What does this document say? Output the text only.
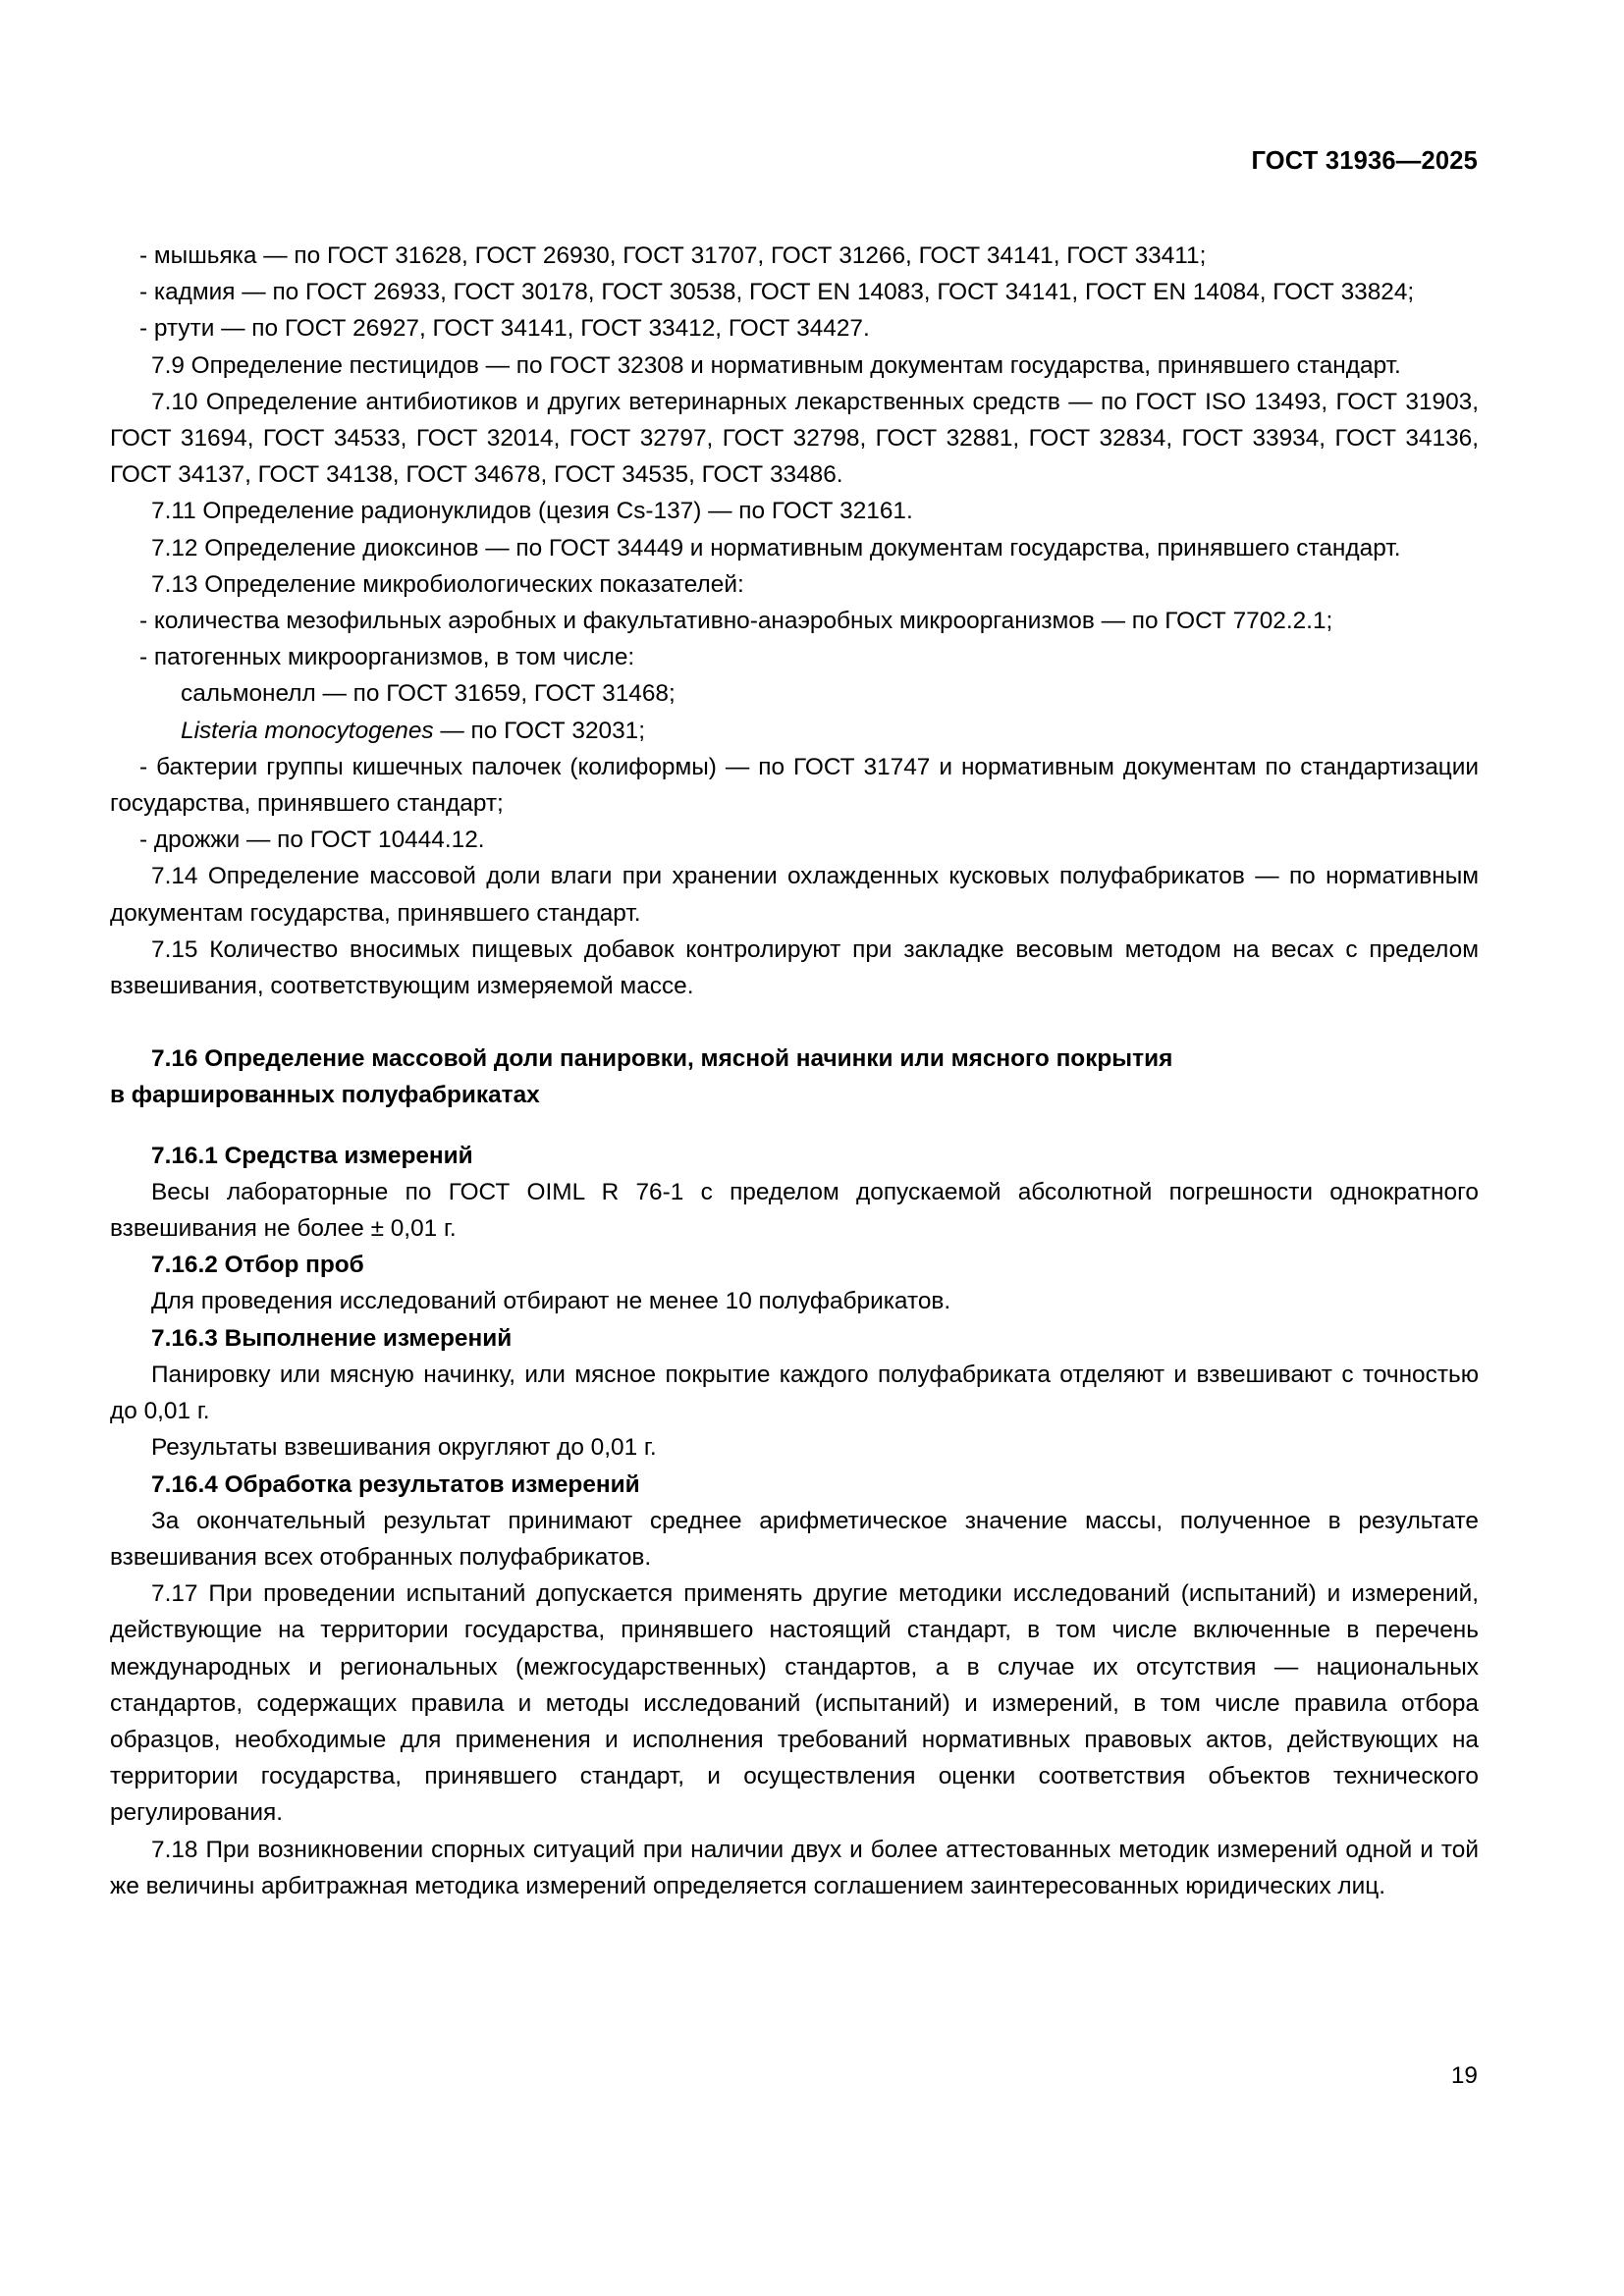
ГОСТ 31936—2025

- мышьяка — по ГОСТ 31628, ГОСТ 26930, ГОСТ 31707, ГОСТ 31266, ГОСТ 34141, ГОСТ 33411;

- кадмия — по ГОСТ 26933, ГОСТ 30178, ГОСТ 30538, ГОСТ EN 14083, ГОСТ 34141, ГОСТ EN 14084, ГОСТ 33824;

- ртути — по ГОСТ 26927, ГОСТ 34141, ГОСТ 33412, ГОСТ 34427.

7.9 Определение пестицидов — по ГОСТ 32308 и нормативным документам государства, принявшего стандарт.

7.10 Определение антибиотиков и других ветеринарных лекарственных средств — по ГОСТ ISO 13493, ГОСТ 31903, ГОСТ 31694, ГОСТ 34533, ГОСТ 32014, ГОСТ 32797, ГОСТ 32798, ГОСТ 32881, ГОСТ 32834, ГОСТ 33934, ГОСТ 34136, ГОСТ 34137, ГОСТ 34138, ГОСТ 34678, ГОСТ 34535, ГОСТ 33486.

7.11 Определение радионуклидов (цезия Cs-137) — по ГОСТ 32161.

7.12 Определение диоксинов — по ГОСТ 34449 и нормативным документам государства, принявшего стандарт.

7.13 Определение микробиологических показателей:

- количества мезофильных аэробных и факультативно-анаэробных микроорганизмов — по ГОСТ 7702.2.1;

- патогенных микроорганизмов, в том числе:

сальмонелл — по ГОСТ 31659, ГОСТ 31468;

Listeria monocytogenes — по ГОСТ 32031;

- бактерии группы кишечных палочек (колиформы) — по ГОСТ 31747 и нормативным документам по стандартизации государства, принявшего стандарт;

- дрожжи — по ГОСТ 10444.12.

7.14 Определение массовой доли влаги при хранении охлажденных кусковых полуфабрикатов — по нормативным документам государства, принявшего стандарт.

7.15 Количество вносимых пищевых добавок контролируют при закладке весовым методом на весах с пределом взвешивания, соответствующим измеряемой массе.

7.16 Определение массовой доли панировки, мясной начинки или мясного покрытия

в фаршированных полуфабрикатах

7.16.1 Средства измерений

Весы лабораторные по ГОСТ OIML R 76-1 с пределом допускаемой абсолютной погрешности однократного взвешивания не более ± 0,01 г.

7.16.2 Отбор проб

Для проведения исследований отбирают не менее 10 полуфабрикатов.

7.16.3 Выполнение измерений

Панировку или мясную начинку, или мясное покрытие каждого полуфабриката отделяют и взвешивают с точностью до 0,01 г.

Результаты взвешивания округляют до 0,01 г.

7.16.4 Обработка результатов измерений

За окончательный результат принимают среднее арифметическое значение массы, полученное в результате взвешивания всех отобранных полуфабрикатов.

7.17 При проведении испытаний допускается применять другие методики исследований (испытаний) и измерений, действующие на территории государства, принявшего настоящий стандарт, в том числе включенные в перечень международных и региональных (межгосударственных) стандартов, а в случае их отсутствия — национальных стандартов, содержащих правила и методы исследований (испытаний) и измерений, в том числе правила отбора образцов, необходимые для применения и исполнения требований нормативных правовых актов, действующих на территории государства, принявшего стандарт, и осуществления оценки соответствия объектов технического регулирования.

7.18 При возникновении спорных ситуаций при наличии двух и более аттестованных методик измерений одной и той же величины арбитражная методика измерений определяется соглашением заинтересованных юридических лиц.

19
